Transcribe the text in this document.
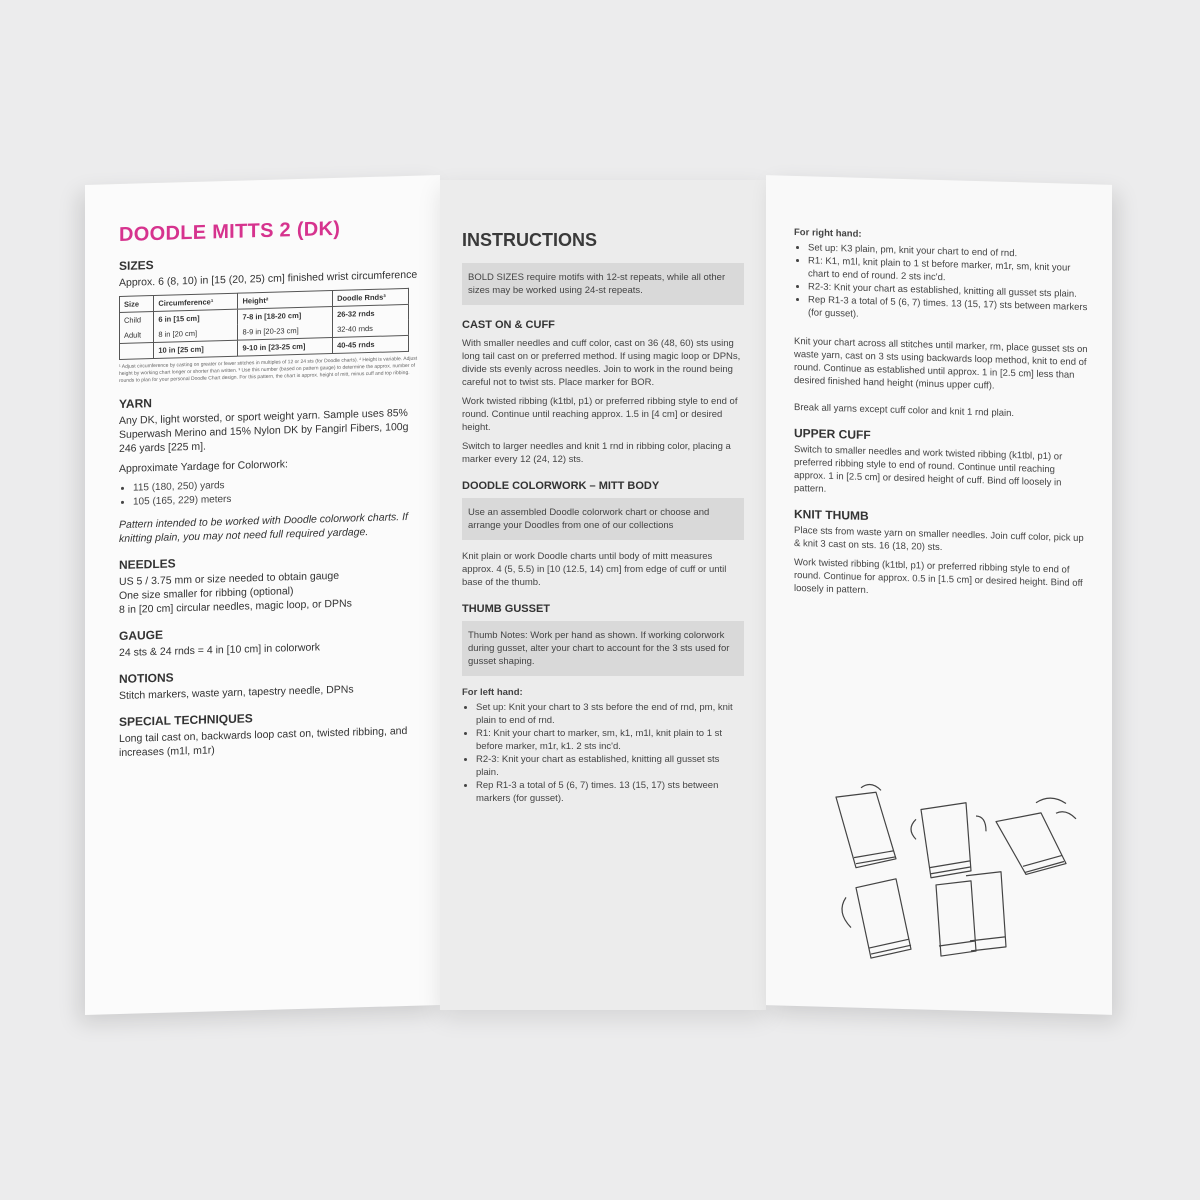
DOODLE MITTS 2 (DK)
SIZES

Approx. 6 (8, 10) in [15 (20, 25) cm] finished wrist circumference

Size	Circumference¹	Height²	Doodle Rnds³
Child	6 in [15 cm]	7-8 in [18-20 cm]	26-32 rnds
Adult	8 in [20 cm]	8-9 in [20-23 cm]	32-40 rnds
	10 in [25 cm]	9-10 in [23-25 cm]	40-45 rnds

¹ Adjust circumference by casting on greater or fewer stitches in multiples of 12 or 24 sts (for Doodle charts). ² Height is variable. Adjust height by working chart longer or shorter than written. ³ Use this number (based on pattern gauge) to determine the approx. number of rounds to plan for your personal Doodle Chart design. For this pattern, the chart is approx. height of mitt, minus cuff and top ribbing.

YARN

Any DK, light worsted, or sport weight yarn. Sample uses 85% Superwash Merino and 15% Nylon DK by Fangirl Fibers, 100g 246 yards [225 m].

Approximate Yardage for Colorwork:

• 115 (180, 250) yards
• 105 (165, 229) meters

Pattern intended to be worked with Doodle colorwork charts. If knitting plain, you may not need full required yardage.

NEEDLES

US 5 / 3.75 mm or size needed to obtain gauge

One size smaller for ribbing (optional)

8 in [20 cm] circular needles, magic loop, or DPNs

GAUGE

24 sts & 24 rnds = 4 in [10 cm] in colorwork

NOTIONS

Stitch markers, waste yarn, tapestry needle, DPNs

SPECIAL TECHNIQUES

Long tail cast on, backwards loop cast on, twisted ribbing, and increases (m1l, m1r)

INSTRUCTIONS

BOLD SIZES require motifs with 12-st repeats, while all other sizes may be worked using 24-st repeats.

CAST ON & CUFF

With smaller needles and cuff color, cast on 36 (48, 60) sts using long tail cast on or preferred method. If using magic loop or DPNs, divide sts evenly across needles. Join to work in the round being careful not to twist sts. Place marker for BOR.

Work twisted ribbing (k1tbl, p1) or preferred ribbing style to end of round. Continue until reaching approx. 1.5 in [4 cm] or desired height.

Switch to larger needles and knit 1 rnd in ribbing color, placing a marker every 12 (24, 12) sts.

DOODLE COLORWORK – MITT BODY

Use an assembled Doodle colorwork chart or choose and arrange your Doodles from one of our collections

Knit plain or work Doodle charts until body of mitt measures approx. 4 (5, 5.5) in [10 (12.5, 14) cm] from edge of cuff or until base of the thumb.

THUMB GUSSET

Thumb Notes: Work per hand as shown. If working colorwork during gusset, alter your chart to account for the 3 sts used for gusset shaping.

For left hand:

• Set up: Knit your chart to 3 sts before the end of rnd, pm, knit plain to end of rnd.
• R1: Knit your chart to marker, sm, k1, m1l, knit plain to 1 st before marker, m1r, k1. 2 sts inc'd.
• R2-3: Knit your chart as established, knitting all gusset sts plain.
• Rep R1-3 a total of 5 (6, 7) times. 13 (15, 17) sts between markers (for gusset).

For right hand:

• Set up: K3 plain, pm, knit your chart to end of rnd.
• R1: K1, m1l, knit plain to 1 st before marker, m1r, sm, knit your chart to end of round. 2 sts inc'd.
• R2-3: Knit your chart as established, knitting all gusset sts plain.
• Rep R1-3 a total of 5 (6, 7) times. 13 (15, 17) sts between markers (for gusset).

Knit your chart across all stitches until marker, rm, place gusset sts on waste yarn, cast on 3 sts using backwards loop method, knit to end of round. Continue as established until approx. 1 in [2.5 cm] less than desired finished hand height (minus upper cuff).

Break all yarns except cuff color and knit 1 rnd plain.

UPPER CUFF

Switch to smaller needles and work twisted ribbing (k1tbl, p1) or preferred ribbing style to end of round. Continue until reaching approx. 1 in [2.5 cm] or desired height of cuff. Bind off loosely in pattern.

KNIT THUMB

Place sts from waste yarn on smaller needles. Join cuff color, pick up & knit 3 cast on sts. 16 (18, 20) sts.

Work twisted ribbing (k1tbl, p1) or preferred ribbing style to end of round. Continue for approx. 0.5 in [1.5 cm] or desired height. Bind off loosely in pattern.
